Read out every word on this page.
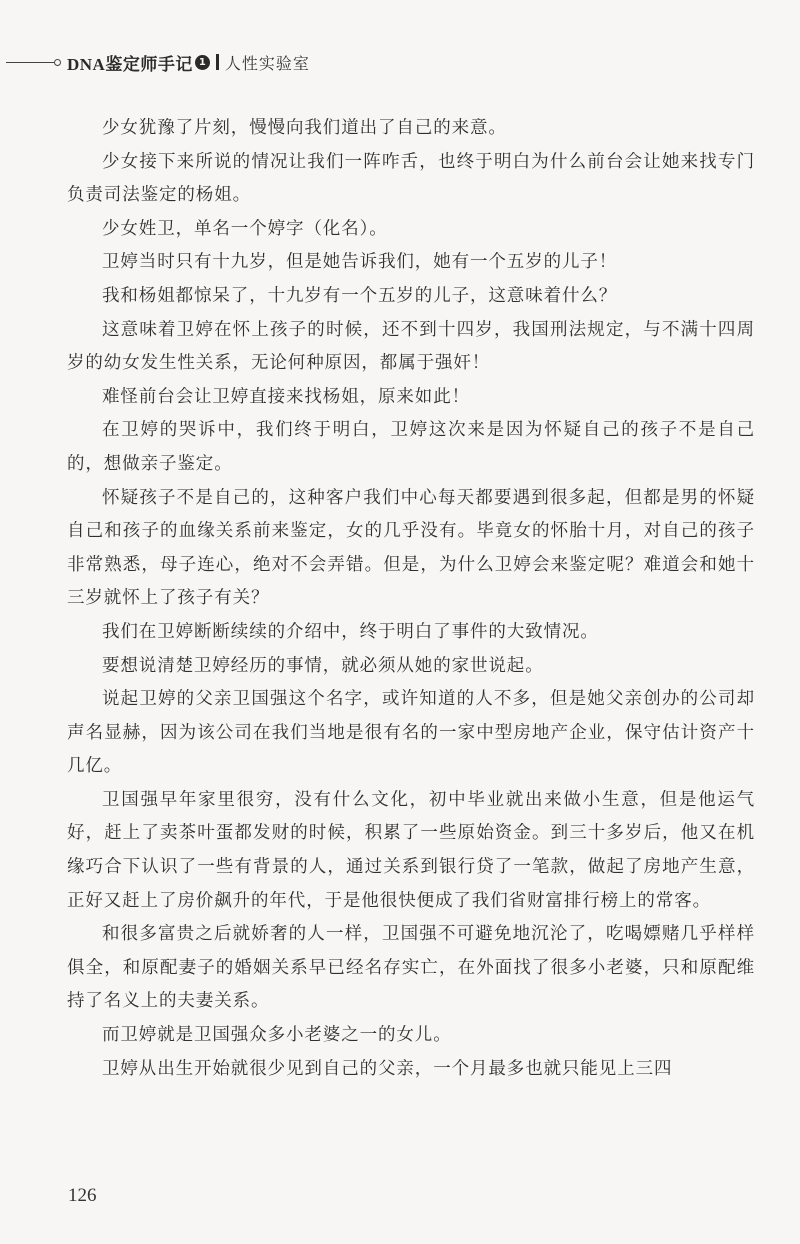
DNA鉴定师手记 1 人性实验室

少女犹豫了片刻，慢慢向我们道出了自己的来意。

少女接下来所说的情况让我们一阵咋舌，也终于明白为什么前台会让她来找专门负责司法鉴定的杨姐。

少女姓卫，单名一个婷字（化名）。

卫婷当时只有十九岁，但是她告诉我们，她有一个五岁的儿子！

我和杨姐都惊呆了，十九岁有一个五岁的儿子，这意味着什么？

这意味着卫婷在怀上孩子的时候，还不到十四岁，我国刑法规定，与不满十四周岁的幼女发生性关系，无论何种原因，都属于强奸！

难怪前台会让卫婷直接来找杨姐，原来如此！

在卫婷的哭诉中，我们终于明白，卫婷这次来是因为怀疑自己的孩子不是自己的，想做亲子鉴定。

怀疑孩子不是自己的，这种客户我们中心每天都要遇到很多起，但都是男的怀疑自己和孩子的血缘关系前来鉴定，女的几乎没有。毕竟女的怀胎十月，对自己的孩子非常熟悉，母子连心，绝对不会弄错。但是，为什么卫婷会来鉴定呢？难道会和她十三岁就怀上了孩子有关？

我们在卫婷断断续续的介绍中，终于明白了事件的大致情况。

要想说清楚卫婷经历的事情，就必须从她的家世说起。

说起卫婷的父亲卫国强这个名字，或许知道的人不多，但是她父亲创办的公司却声名显赫，因为该公司在我们当地是很有名的一家中型房地产企业，保守估计资产十几亿。

卫国强早年家里很穷，没有什么文化，初中毕业就出来做小生意，但是他运气好，赶上了卖茶叶蛋都发财的时候，积累了一些原始资金。到三十多岁后，他又在机缘巧合下认识了一些有背景的人，通过关系到银行贷了一笔款，做起了房地产生意，正好又赶上了房价飙升的年代，于是他很快便成了我们省财富排行榜上的常客。

和很多富贵之后就娇奢的人一样，卫国强不可避免地沉沦了，吃喝嫖赌几乎样样俱全，和原配妻子的婚姻关系早已经名存实亡，在外面找了很多小老婆，只和原配维持了名义上的夫妻关系。

而卫婷就是卫国强众多小老婆之一的女儿。

卫婷从出生开始就很少见到自己的父亲，一个月最多也就只能见上三四

126
